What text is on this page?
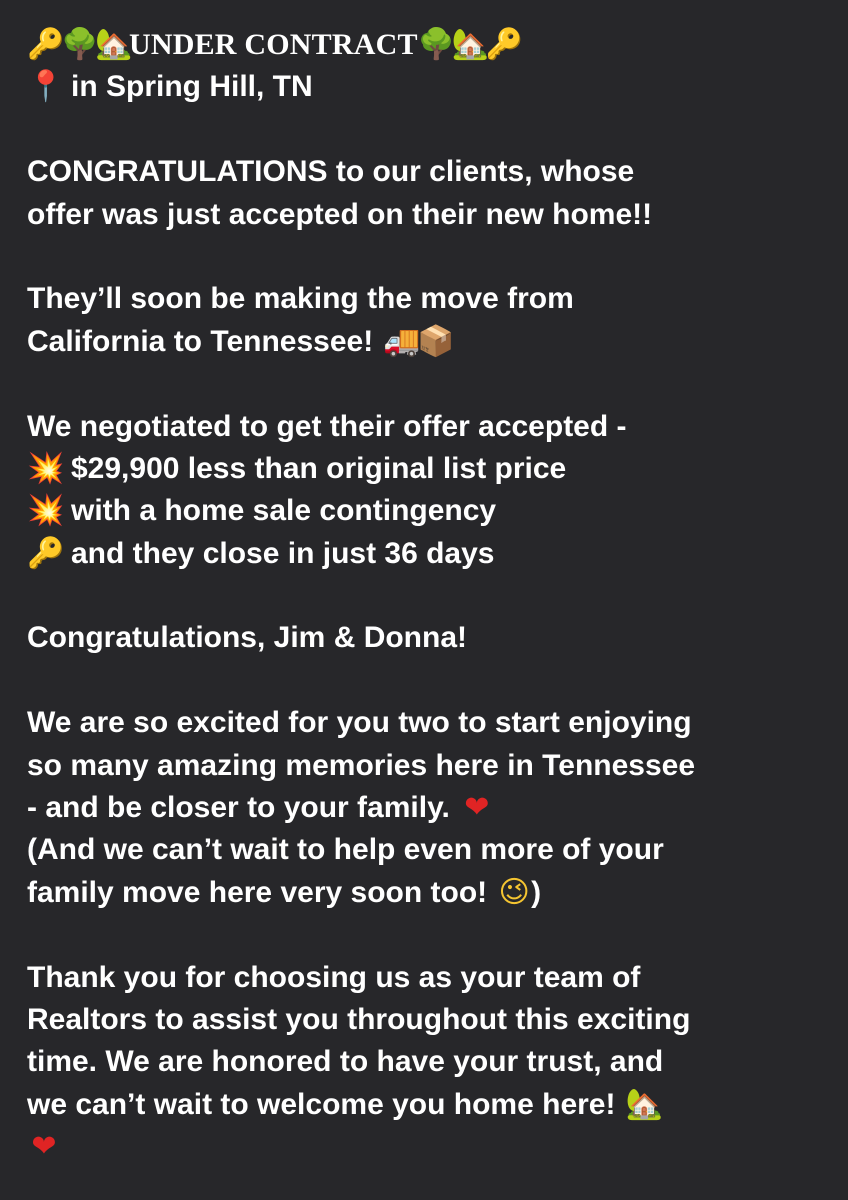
🔑🌳🏡UNDER CONTRACT🌳🏡🔑
📍 in Spring Hill, TN
CONGRATULATIONS to our clients, whose
offer was just accepted on their new home!!
They’ll soon be making the move from
California to Tennessee! 🚚📦
We negotiated to get their offer accepted -
💥 $29,900 less than original list price
💥 with a home sale contingency
🔑 and they close in just 36 days
Congratulations, Jim & Donna!
We are so excited for you two to start enjoying
so many amazing memories here in Tennessee
- and be closer to your family. ❤
(And we can’t wait to help even more of your
family move here very soon too! 😉)
Thank you for choosing us as your team of
Realtors to assist you throughout this exciting
time. We are honored to have your trust, and
we can’t wait to welcome you home here! 🏡
❤
